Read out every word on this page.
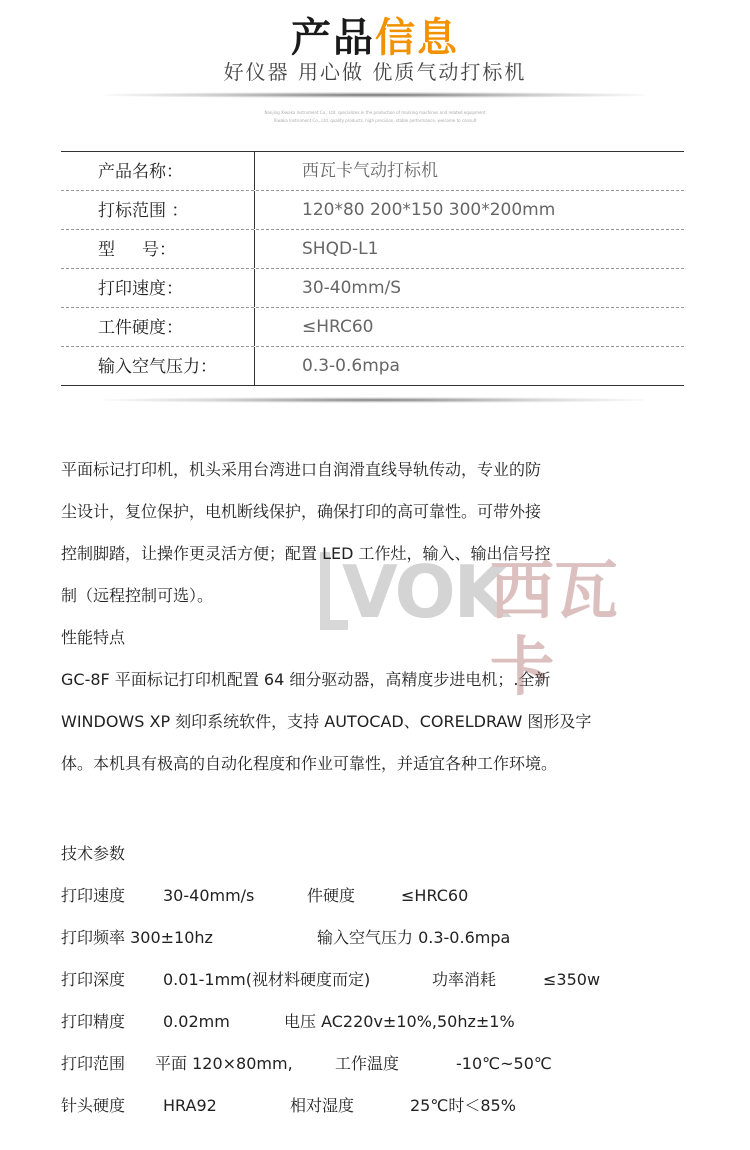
产品信息
好仪器 用心做 优质气动打标机
Nanjing Xiwaka Instrument Co., Ltd. specializes in the production of marking machines and related equipment
Xiwaka Instrument Co., Ltd. quality products, high precision, stable performance, welcome to consult
产品名称：	西瓦卡气动打标机
打标范围 ：	120*80 200*150 300*200mm
型     号：	SHQD-L1
打印速度：	30-40mm/S
工件硬度：	≤HRC60
输入空气压力：	0.3-0.6mpa
VOK
西瓦卡

平面标记打印机，机头采用台湾进口自润滑直线导轨传动，专业的防

尘设计，复位保护，电机断线保护，确保打印的高可靠性。可带外接

控制脚踏，让操作更灵活方便；配置 LED 工作灶，输入、输出信号控

制（远程控制可选）。

性能特点

GC-8F 平面标记打印机配置 64 细分驱动器，高精度步进电机；.全新

WINDOWS XP 刻印系统软件，支持 AUTOCAD、CORELDRAW 图形及字

体。本机具有极高的自动化程度和作业可靠性，并适宜各种工作环境。

技术参数
打印速度 30-40mm/s	件硬度	≤HRC60
打印频率 300±10hz	输入空气压力 0.3-0.6mpa
打印深度 0.01-1mm(视材料硬度而定)	功率消耗	≤350w
打印精度 0.02mm	电压 AC220v±10%,50hz±1%
打印范围 平面 120×80mm,	工作温度	-10℃~50℃
针头硬度 HRA92	相对湿度	25℃时＜85%
